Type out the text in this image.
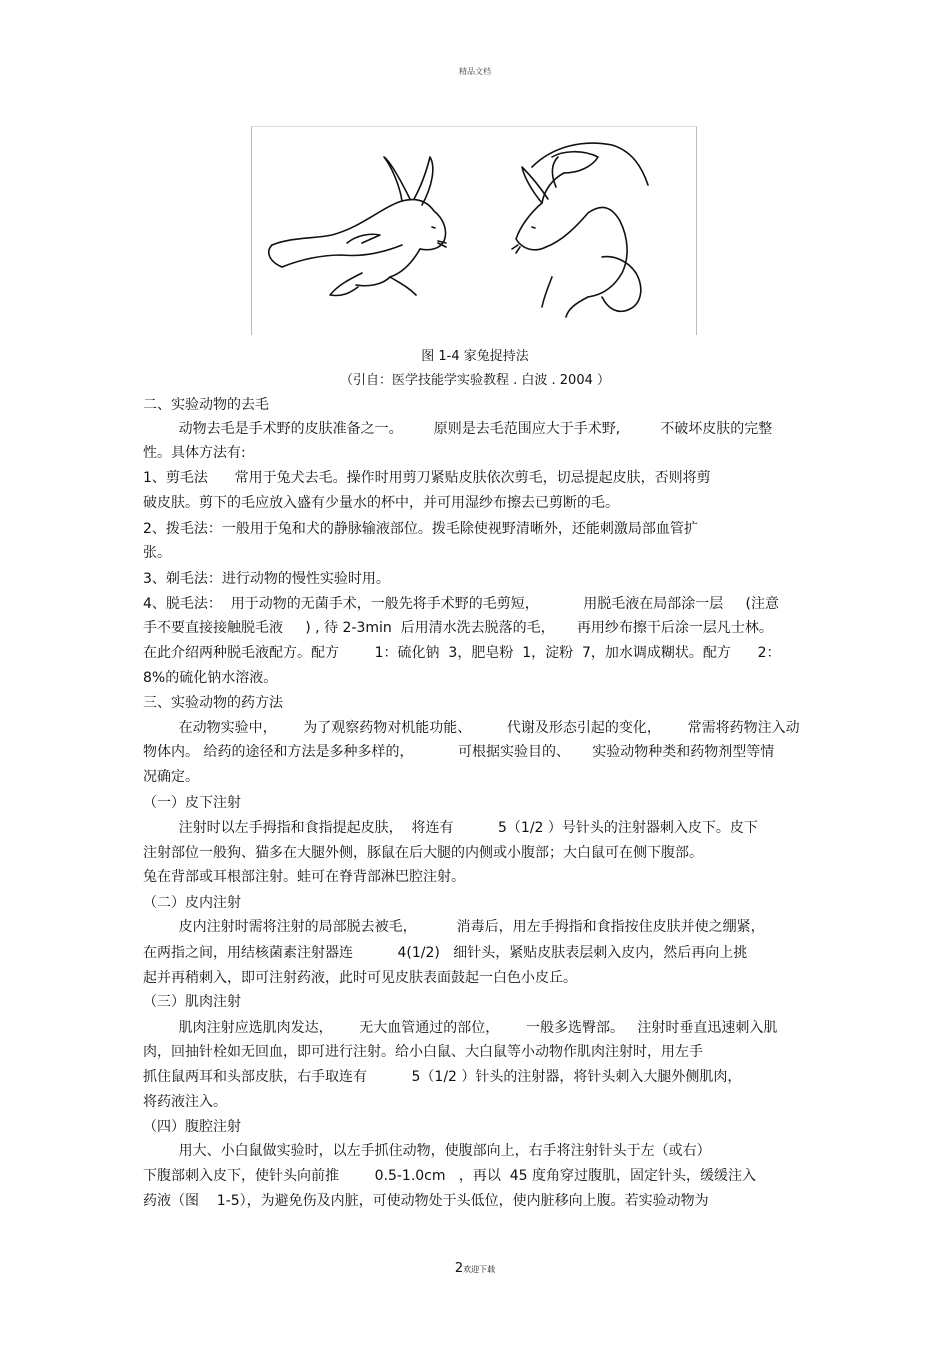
精品文档
图 1-4 家兔捉持法
（引自：医学技能学实验教程 . 白波 . 2004 ）
二、实验动物的去毛
动物去毛是手术野的皮肤准备之一。       原则是去毛范围应大于手术野,         不破坏皮肤的完整
性。具体方法有:
1、剪毛法      常用于兔犬去毛。操作时用剪刀紧贴皮肤依次剪毛，切忌提起皮肤，否则将剪
破皮肤。剪下的毛应放入盛有少量水的杯中，并可用湿纱布擦去已剪断的毛。
2、拨毛法：一般用于兔和犬的静脉输液部位。拨毛除使视野清晰外，还能刺激局部血管扩
张。
3、剃毛法：进行动物的慢性实验时用。
4、脱毛法：  用于动物的无菌手术，一般先将手术野的毛剪短，          用脱毛液在局部涂一层     (注意
手不要直接接触脱毛液     ) , 待 2-3min  后用清水洗去脱落的毛，     再用纱布擦干后涂一层凡士林。
在此介绍两种脱毛液配方。配方        1：硫化钠  3，肥皂粉  1，淀粉  7，加水调成糊状。配方      2：
8%的硫化钠水溶液。
三、实验动物的药方法
在动物实验中，      为了观察药物对机能功能、        代谢及形态引起的变化，      常需将药物注入动
物体内。 给药的途径和方法是多种多样的，          可根据实验目的、     实验动物种类和药物剂型等情
况确定。
（一）皮下注射
注射时以左手拇指和食指提起皮肤，  将连有          5（1/2 ）号针头的注射器刺入皮下。皮下
注射部位一般狗、猫多在大腿外侧，豚鼠在后大腿的内侧或小腹部；大白鼠可在侧下腹部。
兔在背部或耳根部注射。蛙可在脊背部淋巴腔注射。
（二）皮内注射
皮内注射时需将注射的局部脱去被毛，         消毒后，用左手拇指和食指按住皮肤并使之绷紧，
在两指之间，用结核菌素注射器连          4(1/2)   细针头，紧贴皮肤表层刺入皮内，然后再向上挑
起并再稍刺入，即可注射药液，此时可见皮肤表面鼓起一白色小皮丘。
（三）肌肉注射
肌肉注射应选肌肉发达，      无大血管通过的部位，      一般多选臀部。   注射时垂直迅速刺入肌
肉，回抽针栓如无回血，即可进行注射。给小白鼠、大白鼠等小动物作肌肉注射时，用左手
抓住鼠两耳和头部皮肤，右手取连有          5（1/2 ）针头的注射器，将针头刺入大腿外侧肌肉，
将药液注入。
（四）腹腔注射
用大、小白鼠做实验时，以左手抓住动物，使腹部向上，右手将注射针头于左（或右）
下腹部刺入皮下，使针头向前推        0.5-1.0cm   ，再以  45 度角穿过腹肌，固定针头，缓缓注入
药液（图    1-5），为避免伤及内脏，可使动物处于头低位，使内脏移向上腹。若实验动物为
2欢迎下载
